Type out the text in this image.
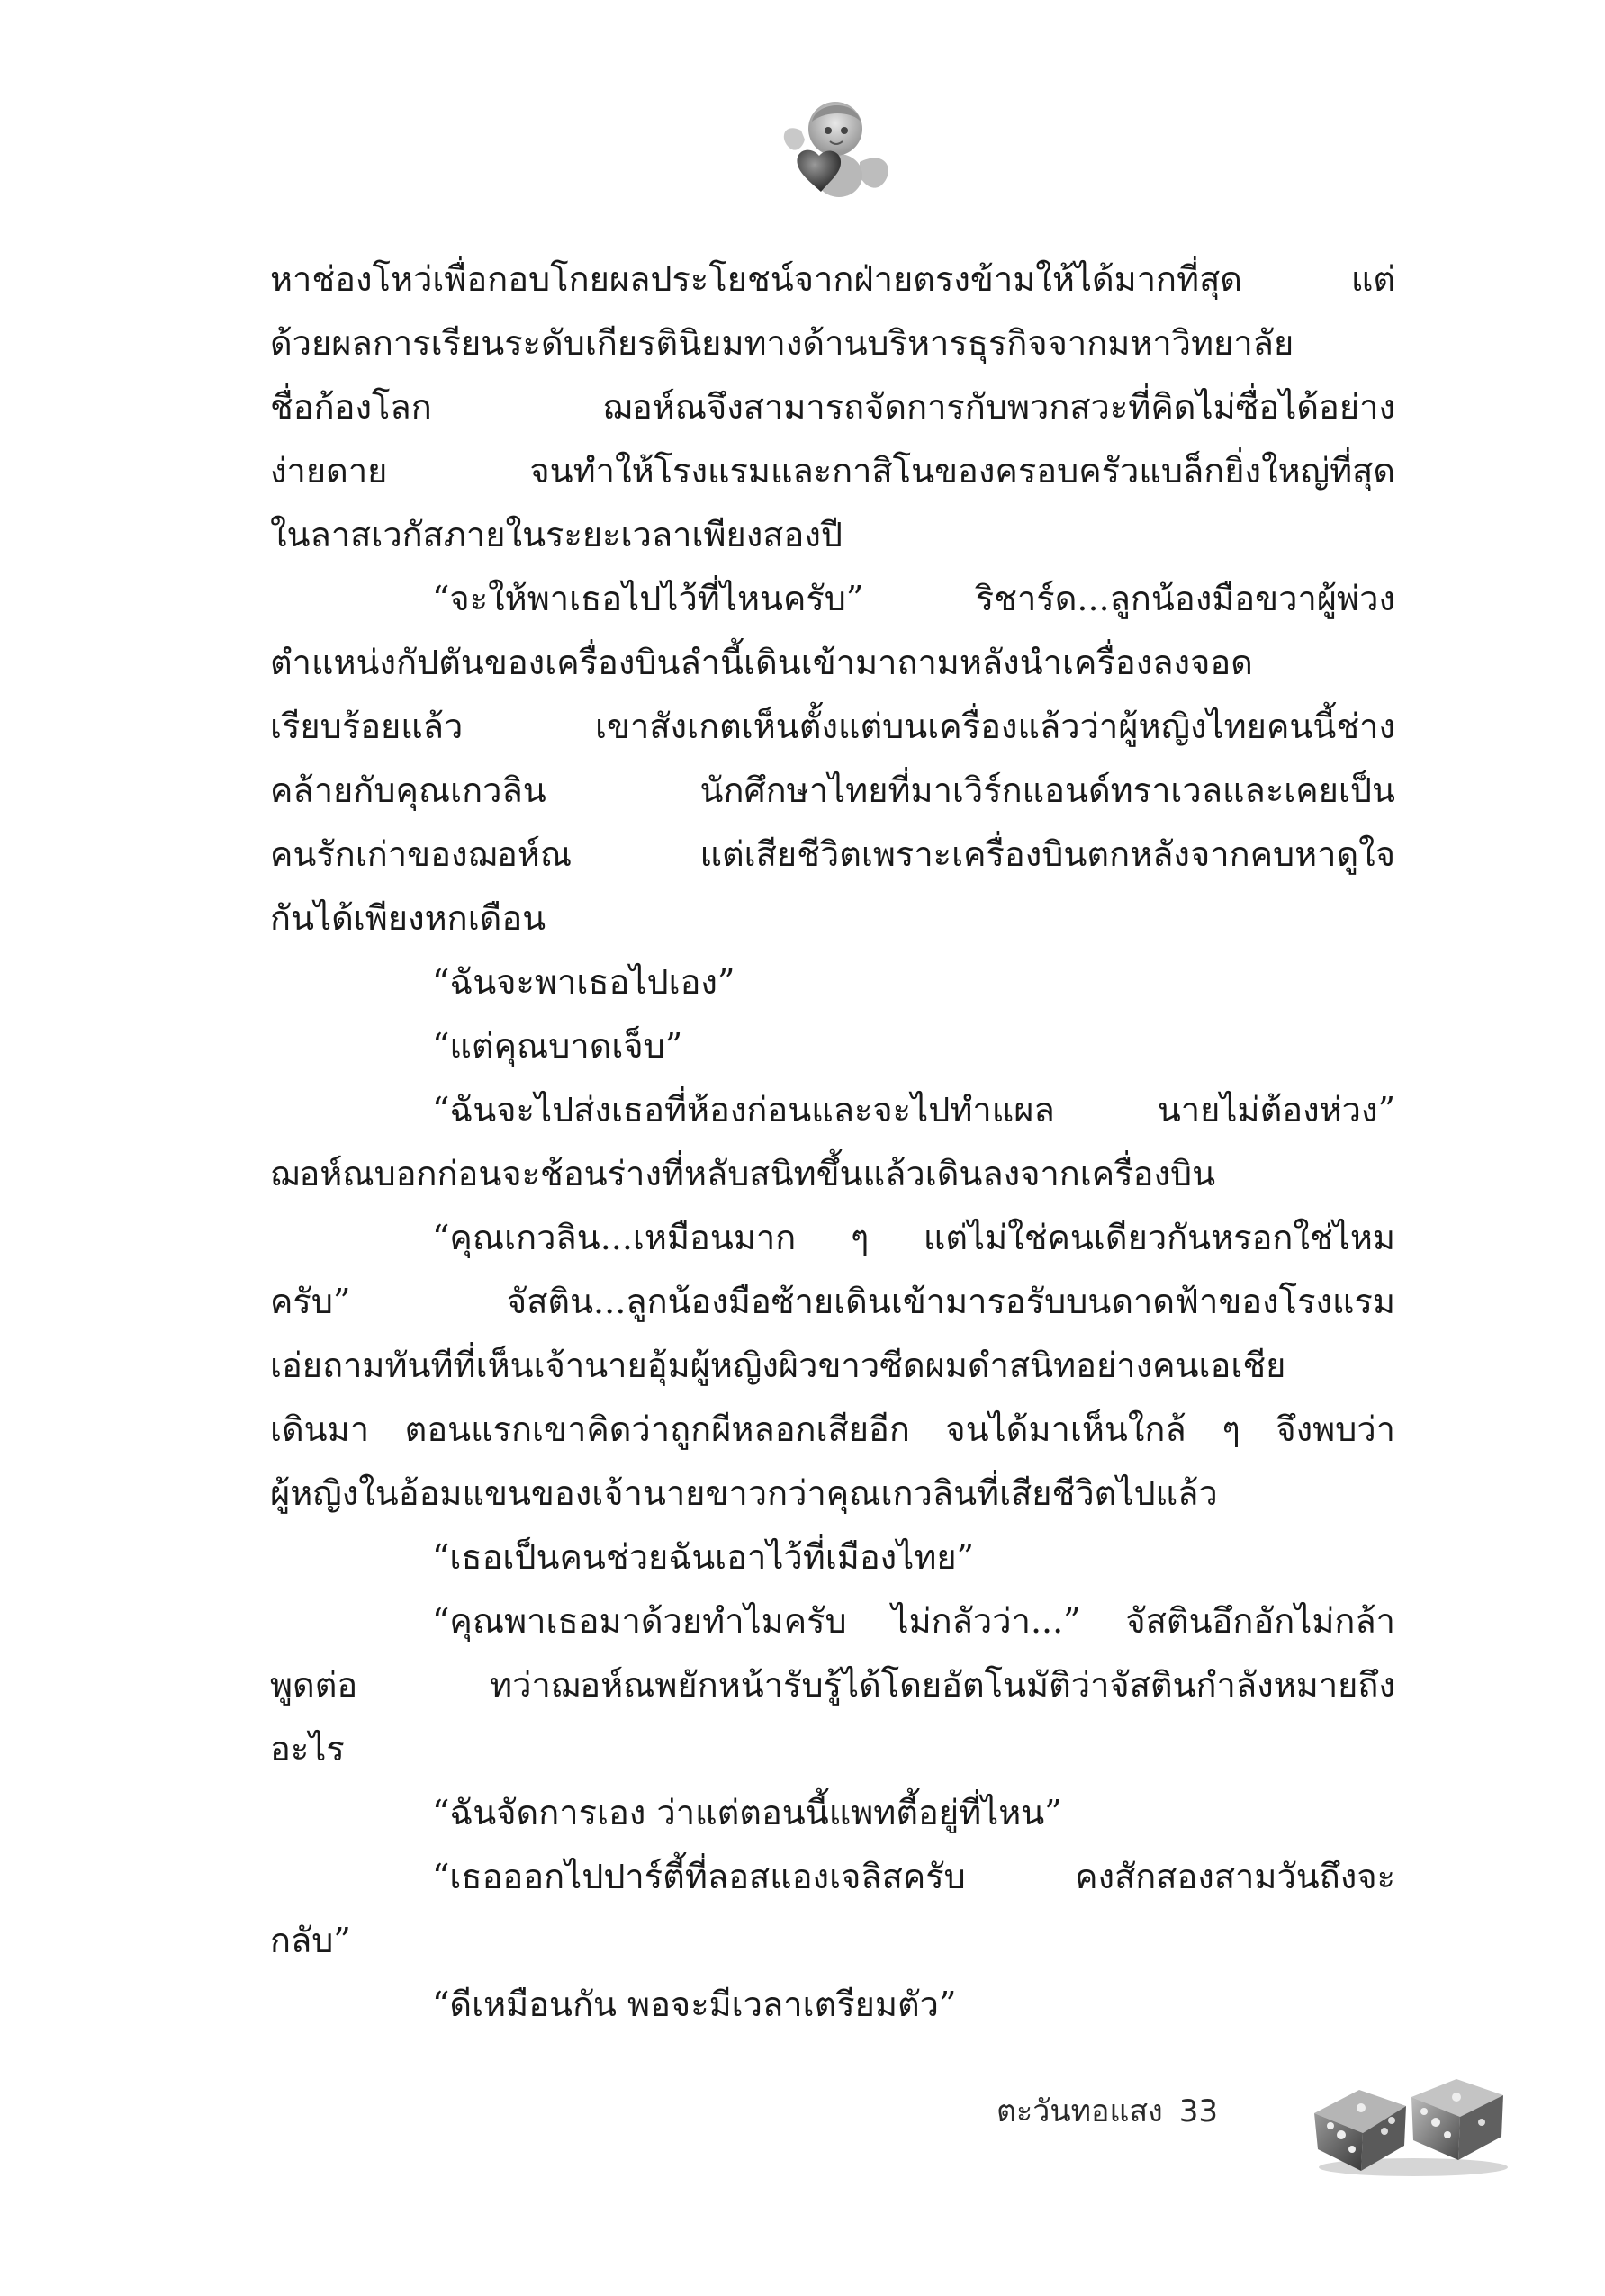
หาช่องโหว่เพื่อกอบโกยผลประโยชน์จากฝ่ายตรงข้ามให้ได้มากที่สุด แต่
ด้วยผลการเรียนระดับเกียรตินิยมทางด้านบริหารธุรกิจจากมหาวิทยาลัย
ชื่อก้องโลก ฌอห์ณจึงสามารถจัดการกับพวกสวะที่คิดไม่ซื่อได้อย่าง
ง่ายดาย จนทำให้โรงแรมและกาสิโนของครอบครัวแบล็กยิ่งใหญ่ที่สุด
ในลาสเวกัสภายในระยะเวลาเพียงสองปี
“จะให้พาเธอไปไว้ที่ไหนครับ” ริชาร์ด...ลูกน้องมือขวาผู้พ่วง
ตำแหน่งกัปตันของเครื่องบินลำนี้เดินเข้ามาถามหลังนำเครื่องลงจอด
เรียบร้อยแล้ว เขาสังเกตเห็นตั้งแต่บนเครื่องแล้วว่าผู้หญิงไทยคนนี้ช่าง
คล้ายกับคุณเกวลิน นักศึกษาไทยที่มาเวิร์กแอนด์ทราเวลและเคยเป็น
คนรักเก่าของฌอห์ณ แต่เสียชีวิตเพราะเครื่องบินตกหลังจากคบหาดูใจ
กันได้เพียงหกเดือน
“ฉันจะพาเธอไปเอง”
“แต่คุณบาดเจ็บ”
“ฉันจะไปส่งเธอที่ห้องก่อนและจะไปทำแผล นายไม่ต้องห่วง”
ฌอห์ณบอกก่อนจะช้อนร่างที่หลับสนิทขึ้นแล้วเดินลงจากเครื่องบิน
“คุณเกวลิน...เหมือนมาก ๆ แต่ไม่ใช่คนเดียวกันหรอกใช่ไหม
ครับ” จัสติน...ลูกน้องมือซ้ายเดินเข้ามารอรับบนดาดฟ้าของโรงแรม
เอ่ยถามทันทีที่เห็นเจ้านายอุ้มผู้หญิงผิวขาวซีดผมดำสนิทอย่างคนเอเชีย
เดินมา ตอนแรกเขาคิดว่าถูกผีหลอกเสียอีก จนได้มาเห็นใกล้ ๆ จึงพบว่า
ผู้หญิงในอ้อมแขนของเจ้านายขาวกว่าคุณเกวลินที่เสียชีวิตไปแล้ว
“เธอเป็นคนช่วยฉันเอาไว้ที่เมืองไทย”
“คุณพาเธอมาด้วยทำไมครับ ไม่กลัวว่า...” จัสตินอึกอักไม่กล้า
พูดต่อ ทว่าฌอห์ณพยักหน้ารับรู้ได้โดยอัตโนมัติว่าจัสตินกำลังหมายถึง
อะไร
“ฉันจัดการเอง ว่าแต่ตอนนี้แพทตี้อยู่ที่ไหน”
“เธอออกไปปาร์ตี้ที่ลอสแองเจลิสครับ คงสักสองสามวันถึงจะ
กลับ”
“ดีเหมือนกัน พอจะมีเวลาเตรียมตัว”
ตะวันทอแสง 33
